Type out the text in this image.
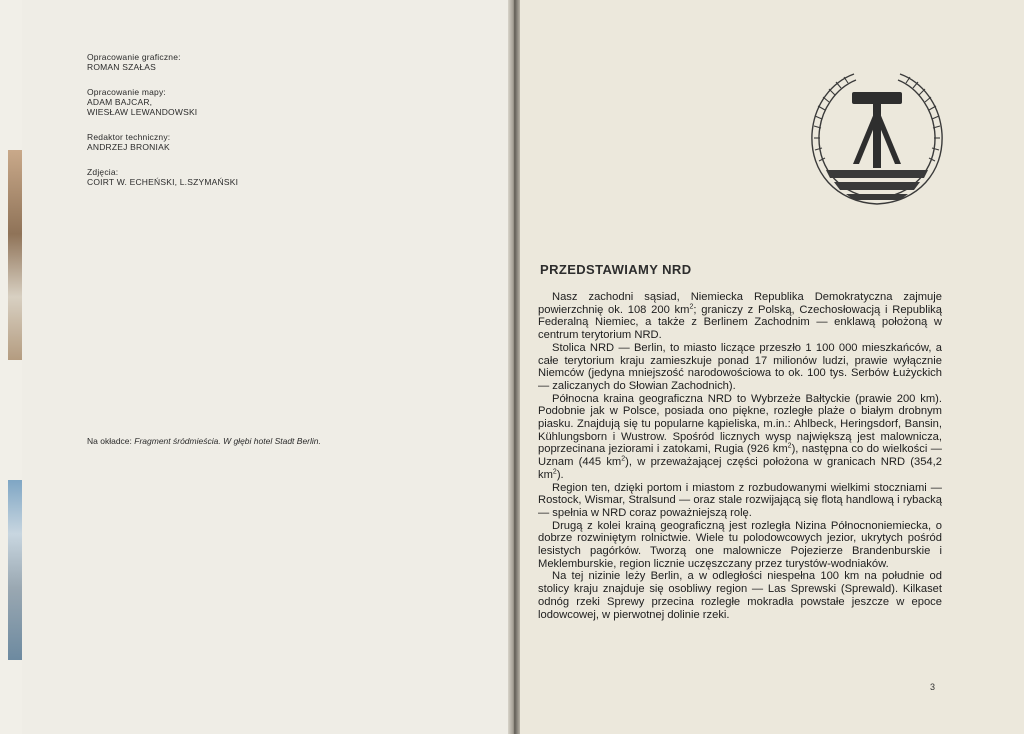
Opracowanie graficzne:
ROMAN SZAŁAS
Opracowanie mapy:
ADAM BAJCAR,
WIESŁAW LEWANDOWSKI
Redaktor techniczny:
ANDRZEJ BRONIAK
Zdjęcia:
COIRT W. ECHEŃSKI, L.SZYMAŃSKI
Na okładce: Fragment śródmieścia. W głębi hotel Stadt Berlin.
PRZEDSTAWIAMY NRD

Nasz zachodni sąsiad, Niemiecka Republika Demokratyczna zajmuje powierzchnię ok. 108 200 $km^2$; graniczy z Polską, Czechosłowacją i Republiką Federalną Niemiec, a także z Berlinem Zachodnim — enklawą położoną w centrum terytorium NRD.

Stolica NRD — Berlin, to miasto liczące przeszło 1 100 000 mieszkańców, a całe terytorium kraju zamieszkuje ponad 17 milionów ludzi, prawie wyłącznie Niemców (jedyna mniejszość narodowościowa to ok. 100 tys. Serbów Łużyckich — zaliczanych do Słowian Zachodnich).

Północna kraina geograficzna NRD to Wybrzeże Bałtyckie (prawie 200 km). Podobnie jak w Polsce, posiada ono piękne, rozległe plaże o białym drobnym piasku. Znajdują się tu popularne kąpieliska, m.in.: Ahlbeck, Heringsdorf, Bansin, Kühlungsborn i Wustrow. Spośród licznych wysp największą jest malownicza, poprzecinana jeziorami i zatokami, Rugia (926 $km^2$), następna co do wielkości — Uznam (445 $km^2$), w przeważającej części położona w granicach NRD (354,2 $km^2$).

Region ten, dzięki portom i miastom z rozbudowanymi wielkimi stoczniami — Rostock, Wismar, Stralsund — oraz stale rozwijającą się flotą handlową i rybacką — spełnia w NRD coraz poważniejszą rolę.

Drugą z kolei krainą geograficzną jest rozległa Nizina Północnoniemiecka, o dobrze rozwiniętym rolnictwie. Wiele tu polodowcowych jezior, ukrytych pośród lesistych pagórków. Tworzą one malownicze Pojezierze Brandenburskie i Meklemburskie, region licznie uczęszczany przez turystów-wodniaków.

Na tej nizinie leży Berlin, a w odległości niespełna 100 km na południe od stolicy kraju znajduje się osobliwy region — Las Sprewski (Sprewald). Kilkaset odnóg rzeki Sprewy przecina rozległe mokradła powstałe jeszcze w epoce lodowcowej, w pierwotnej dolinie rzeki.

3
